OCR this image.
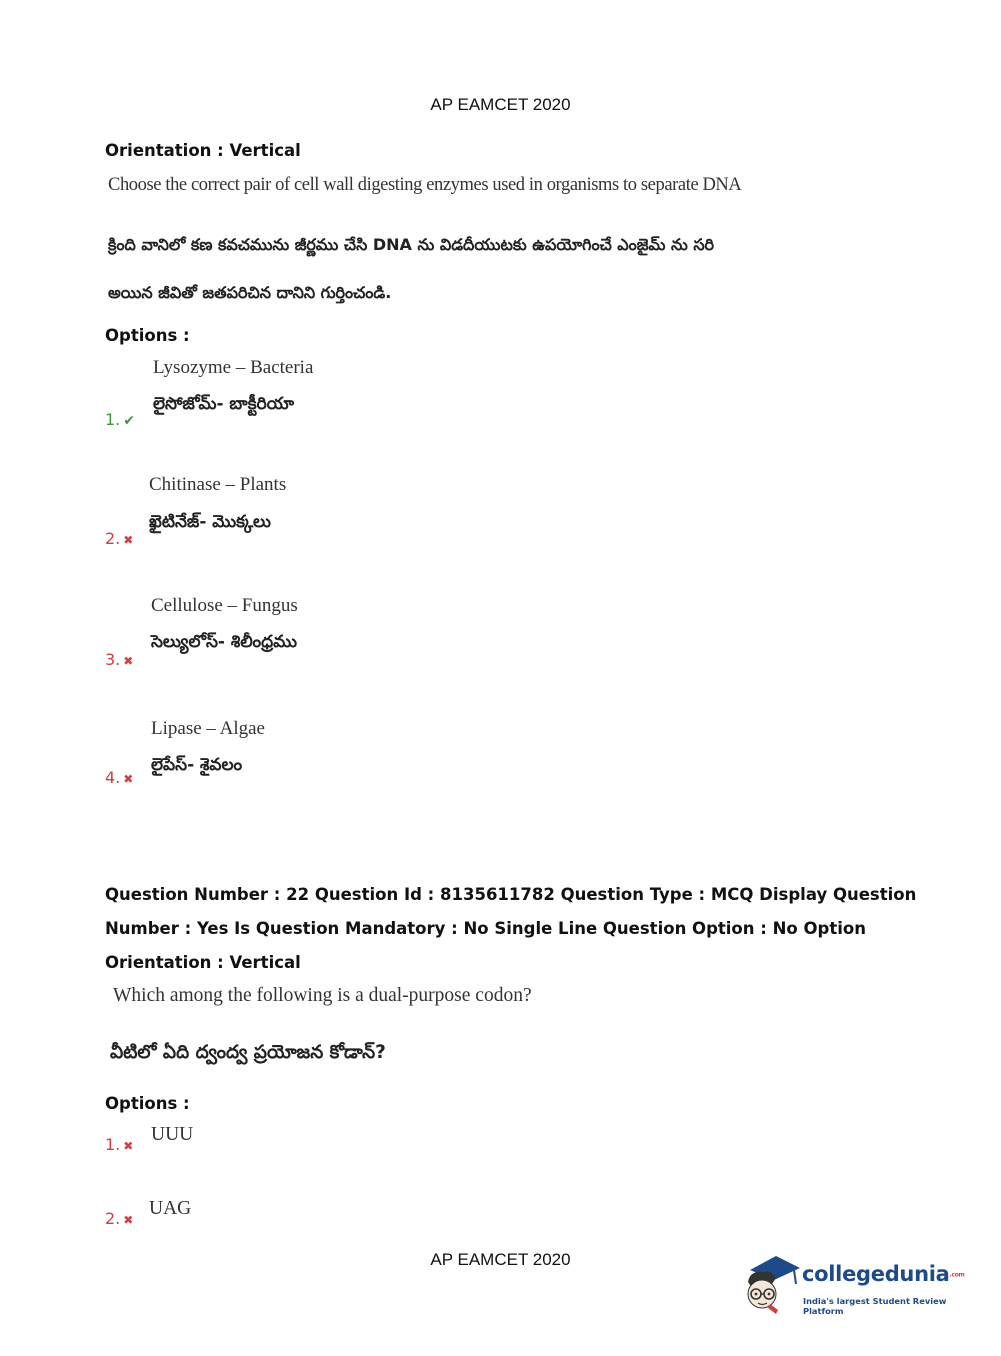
AP EAMCET 2020
Orientation : Vertical
Choose the correct pair of cell wall digesting enzymes used in organisms to separate DNA
క్రింది వానిలో కణ కవచమును జీర్ణము చేసి DNA ను విడదీయుటకు ఉపయోగించే ఎంజైమ్ ను సరి
అయిన జీవితో జతపరిచిన దానిని గుర్తించండి.
Options :
Lysozyme – Bacteria
లైసోజోమ్- బాక్టీరియా
1. ✔
Chitinase – Plants
ఖైటినేజ్- మొక్కలు
2. ✖
Cellulose – Fungus
సెల్యులోస్- శిలీంధ్రము
3. ✖
Lipase – Algae
లైపేస్- శైవలం
4. ✖
Question Number : 22 Question Id : 8135611782 Question Type : MCQ Display Question
Number : Yes Is Question Mandatory : No Single Line Question Option : No Option
Orientation : Vertical
Which among the following is a dual-purpose codon?
వీటిలో ఏది ద్వంద్వ ప్రయోజన కోడాన్?
Options :
UUU
1. ✖
UAG
2. ✖
AP EAMCET 2020
collegedunia.com
India's largest Student Review Platform
